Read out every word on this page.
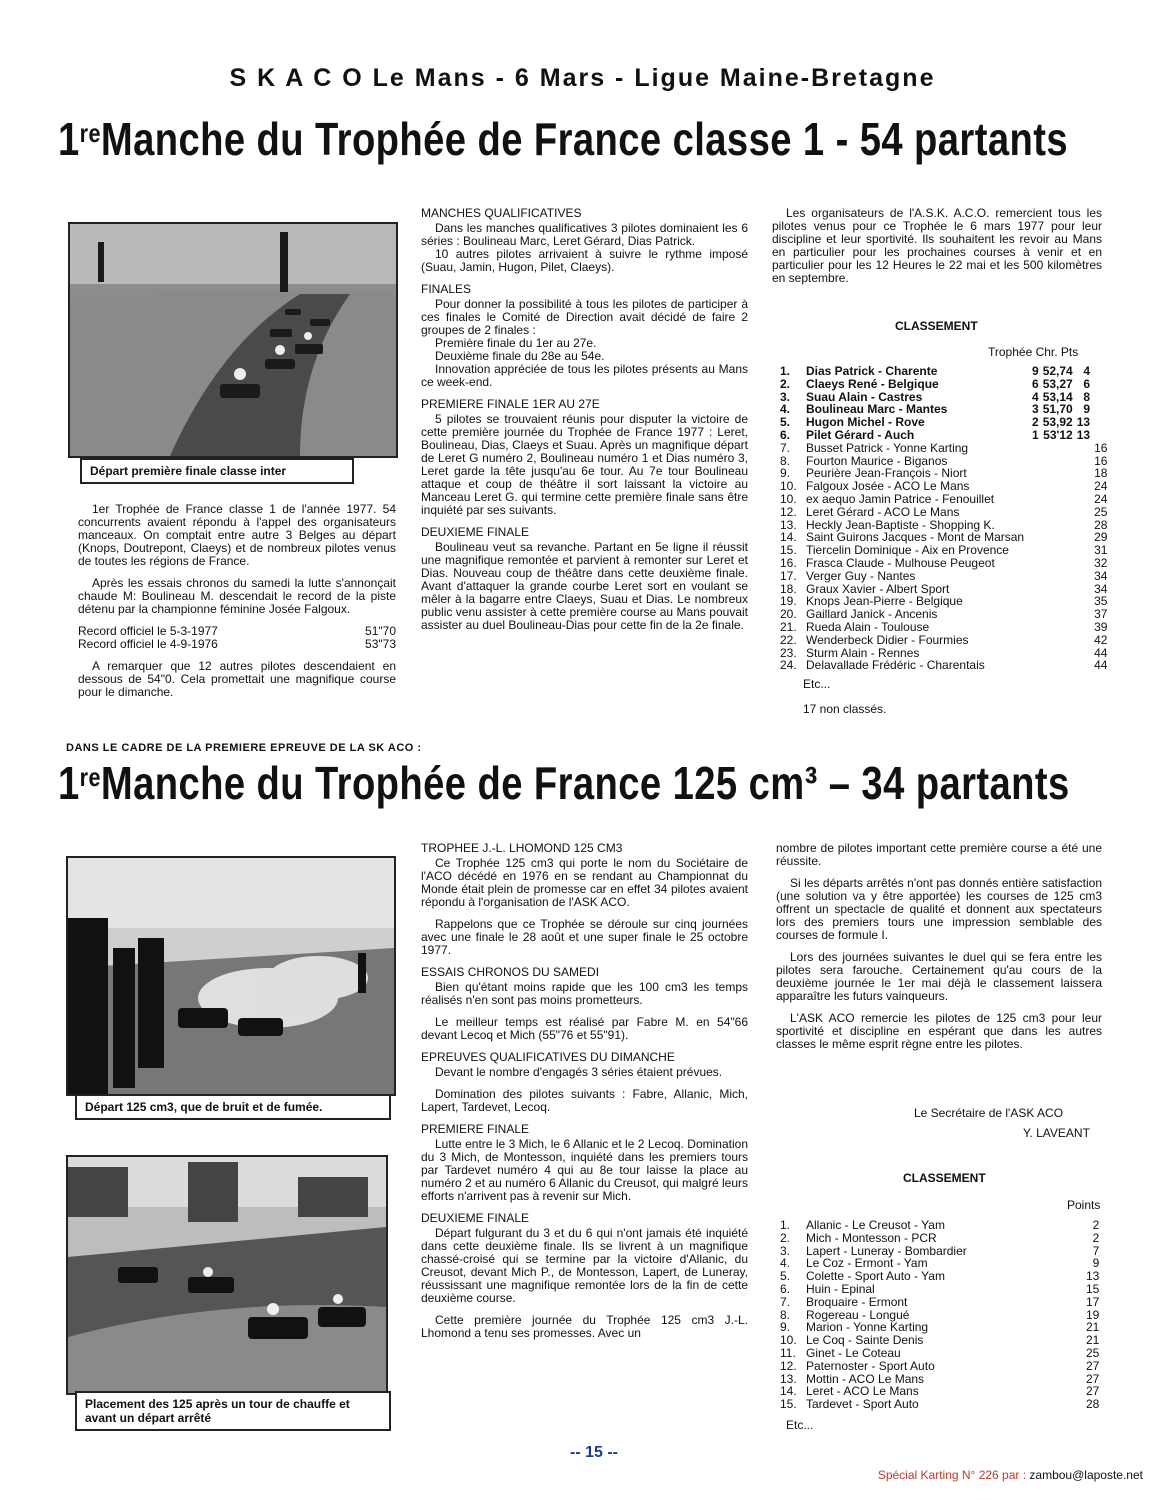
S K A C O Le Mans - 6 Mars - Ligue Maine-Bretagne
1reManche du Trophée de France classe 1 - 54 partants
Départ première finale classe inter

1er Trophée de France classe 1 de l'année 1977. 54 concurrents avaient répondu à l'appel des organisateurs manceaux. On comptait entre autre 3 Belges au départ (Knops, Doutrepont, Claeys) et de nombreux pilotes venus de toutes les régions de France.

Après les essais chronos du samedi la lutte s'annonçait chaude M: Boulineau M. descendait le record de la piste détenu par la championne féminine Josée Falgoux.

Record officiel le 5-3-1977	51"70
Record officiel le 4-9-1976	53"73

A remarquer que 12 autres pilotes descendaient en dessous de 54"0. Cela promettait une magnifique course pour le dimanche.

MANCHES QUALIFICATIVES

Dans les manches qualificatives 3 pilotes dominaient les 6 séries : Boulineau Marc, Leret Gérard, Dias Patrick.

10 autres pilotes arrivaient à suivre le rythme imposé (Suau, Jamin, Hugon, Pilet, Claeys).

FINALES

Pour donner la possibilité à tous les pilotes de participer à ces finales le Comité de Direction avait décidé de faire 2 groupes de 2 finales :

Première finale du 1er au 27e.

Deuxième finale du 28e au 54e.

Innovation appréciée de tous les pilotes présents au Mans ce week-end.

PREMIERE FINALE 1ER AU 27E

5 pilotes se trouvaient réunis pour disputer la victoire de cette première journée du Trophée de France 1977 : Leret, Boulineau, Dias, Claeys et Suau. Après un magnifique départ de Leret G numéro 2, Boulineau numéro 1 et Dias numéro 3, Leret garde la tête jusqu'au 6e tour. Au 7e tour Boulineau attaque et coup de théâtre il sort laissant la victoire au Manceau Leret G. qui termine cette première finale sans être inquiété par ses suivants.

DEUXIEME FINALE

Boulineau veut sa revanche. Partant en 5e ligne il réussit une magnifique remontée et parvient à remonter sur Leret et Dias. Nouveau coup de théâtre dans cette deuxième finale. Avant d'attaquer la grande courbe Leret sort en voulant se mêler à la bagarre entre Claeys, Suau et Dias. Le nombreux public venu assister à cette première course au Mans pouvait assister au duel Boulineau-Dias pour cette fin de la 2e finale.

Les organisateurs de l'A.S.K. A.C.O. remercient tous les pilotes venus pour ce Trophée le 6 mars 1977 pour leur discipline et leur sportivité. Ils souhaitent les revoir au Mans en particulier pour les prochaines courses à venir et en particulier pour les 12 Heures le 22 mai et les 500 kilomètres en septembre.

CLASSEMENT
Trophée Chr. Pts
1.	Dias Patrick - Charente	9	52,74	4	
2.	Claeys René - Belgique	6	53,27	6	
3.	Suau Alain - Castres	4	53,14	8	
4.	Boulineau Marc - Mantes	3	51,70	9	
5.	Hugon Michel - Rove	2	53,92	13	
6.	Pilet Gérard - Auch	1	53'12	13	
7.	Busset Patrick - Yonne Karting				16
8.	Fourton Maurice - Biganos				16
9.	Peurière Jean-François - Niort				18
10.	Falgoux Josée - ACO Le Mans				24
10.	ex aequo Jamin Patrice - Fenouillet				24
12.	Leret Gérard - ACO Le Mans				25
13.	Heckly Jean-Baptiste - Shopping K.				28
14.	Saint Guirons Jacques - Mont de Marsan				29
15.	Tiercelin Dominique - Aix en Provence				31
16.	Frasca Claude - Mulhouse Peugeot				32
17.	Verger Guy - Nantes				34
18.	Graux Xavier - Albert Sport				34
19.	Knops Jean-Pierre - Belgique				35
20.	Gaillard Janick - Ancenis				37
21.	Rueda Alain - Toulouse				39
22.	Wenderbeck Didier - Fourmies				42
23.	Sturm Alain - Rennes				44
24.	Delavallade Frédéric - Charentais				44
Etc...
17 non classés.
DANS LE CADRE DE LA PREMIERE EPREUVE DE LA SK ACO :
1reManche du Trophée de France 125 cm³ – 34 partants
Départ 125 cm3, que de bruit et de fumée.
Placement des 125 après un tour de chauffe et avant un départ arrêté
TROPHEE J.-L. LHOMOND 125 CM3

Ce Trophée 125 cm3 qui porte le nom du Sociétaire de l'ACO décédé en 1976 en se rendant au Championnat du Monde était plein de promesse car en effet 34 pilotes avaient répondu à l'organisation de l'ASK ACO.

Rappelons que ce Trophée se déroule sur cinq journées avec une finale le 28 août et une super finale le 25 octobre 1977.

ESSAIS CHRONOS DU SAMEDI

Bien qu'étant moins rapide que les 100 cm3 les temps réalisés n'en sont pas moins prometteurs.

Le meilleur temps est réalisé par Fabre M. en 54"66 devant Lecoq et Mich (55"76 et 55"91).

EPREUVES QUALIFICATIVES DU DIMANCHE

Devant le nombre d'engagés 3 séries étaient prévues.

Domination des pilotes suivants : Fabre, Allanic, Mich, Lapert, Tardevet, Lecoq.

PREMIERE FINALE

Lutte entre le 3 Mich, le 6 Allanic et le 2 Lecoq. Domination du 3 Mich, de Montesson, inquiété dans les premiers tours par Tardevet numéro 4 qui au 8e tour laisse la place au numéro 2 et au numéro 6 Allanic du Creusot, qui malgré leurs efforts n'arrivent pas à revenir sur Mich.

DEUXIEME FINALE

Départ fulgurant du 3 et du 6 qui n'ont jamais été inquiété dans cette deuxième finale. Ils se livrent à un magnifique chassé-croisé qui se termine par la victoire d'Allanic, du Creusot, devant Mich P., de Montesson, Lapert, de Luneray, réussissant une magnifique remontée lors de la fin de cette deuxième course.

Cette première journée du Trophée 125 cm3 J.-L. Lhomond a tenu ses promesses. Avec un

nombre de pilotes important cette première course a été une réussite.

Si les départs arrêtés n'ont pas donnés entière satisfaction (une solution va y être apportée) les courses de 125 cm3 offrent un spectacle de qualité et donnent aux spectateurs lors des premiers tours une impression semblable des courses de formule I.

Lors des journées suivantes le duel qui se fera entre les pilotes sera farouche. Certainement qu'au cours de la deuxième journée le 1er mai déjà le classement laissera apparaître les futurs vainqueurs.

L'ASK ACO remercie les pilotes de 125 cm3 pour leur sportivité et discipline en espérant que dans les autres classes le même esprit règne entre les pilotes.

Le Secrétaire de l'ASK ACO
Y. LAVEANT
CLASSEMENT
Points
1.	Allanic - Le Creusot - Yam	2
2.	Mich - Montesson - PCR	2
3.	Lapert - Luneray - Bombardier	7
4.	Le Coz - Ermont - Yam	9
5.	Colette - Sport Auto - Yam	13
6.	Huin - Epinal	15
7.	Broquaire - Ermont	17
8.	Rogereau - Longué	19
9.	Marion - Yonne Karting	21
10.	Le Coq - Sainte Denis	21
11.	Ginet - Le Coteau	25
12.	Paternoster - Sport Auto	27
13.	Mottin - ACO Le Mans	27
14.	Leret - ACO Le Mans	27
15.	Tardevet - Sport Auto	28
Etc...
-- 15 --
Spécial Karting N° 226 par : zambou@laposte.net
